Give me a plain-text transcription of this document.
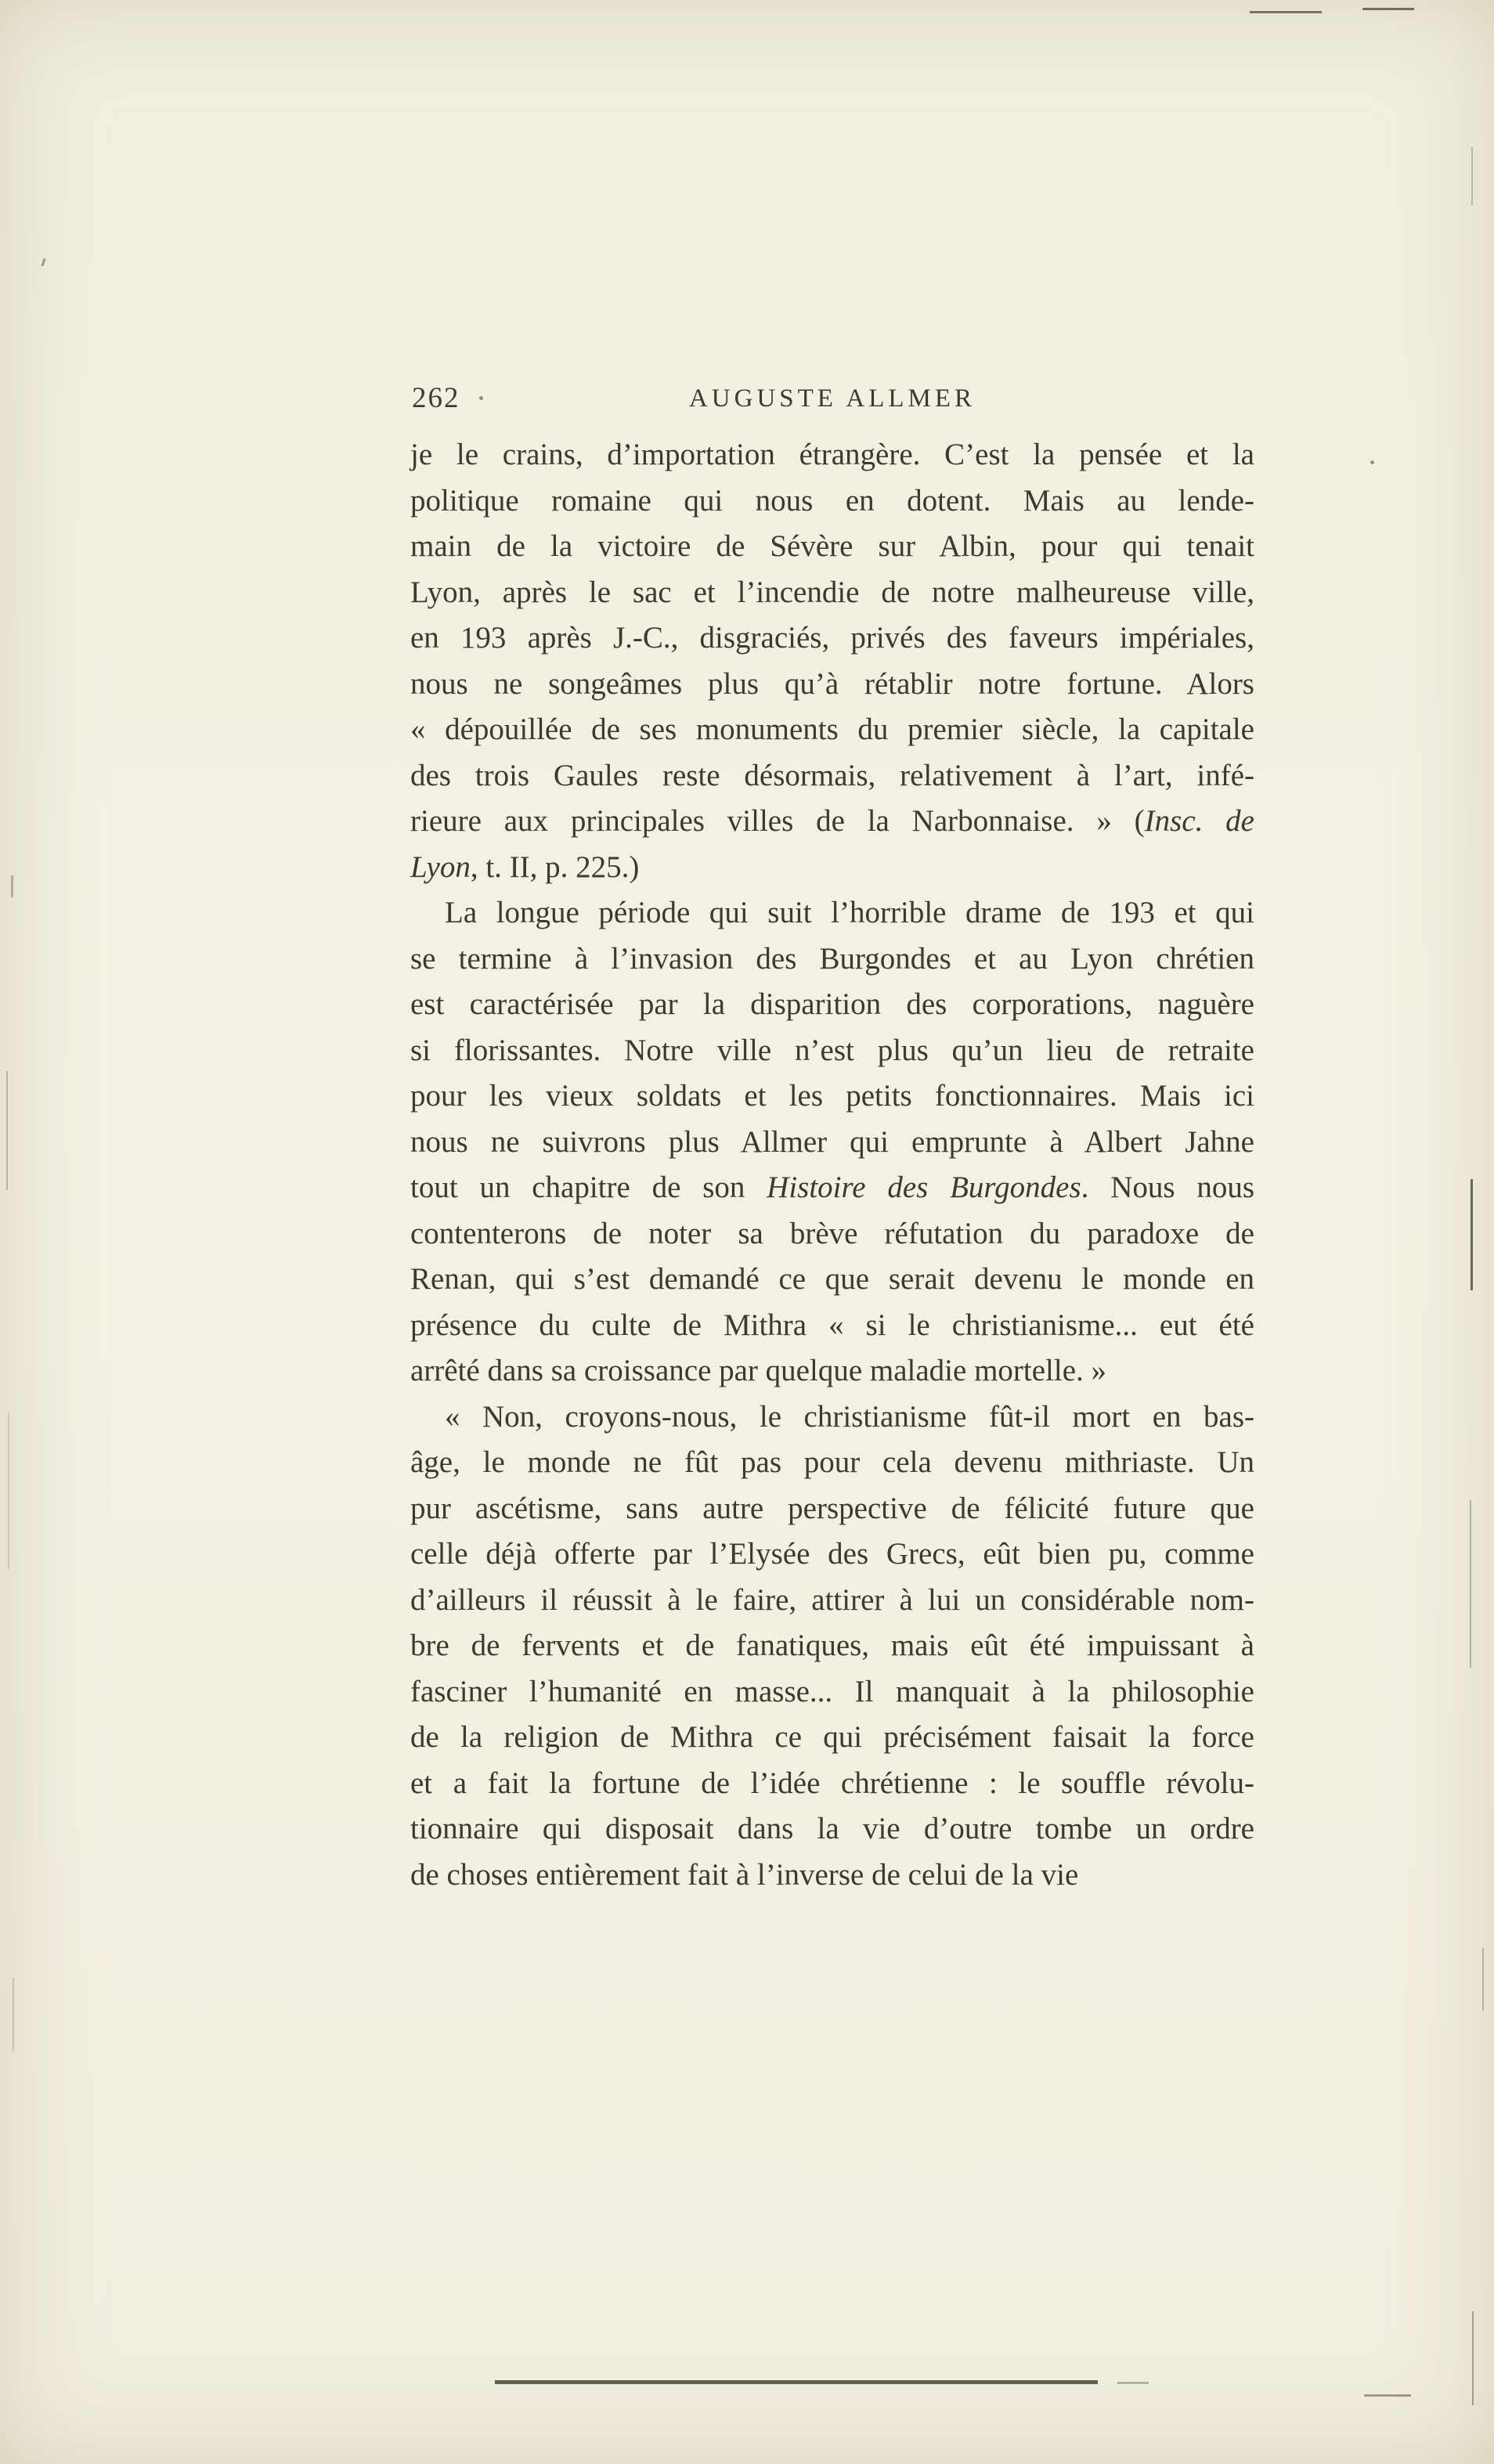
262	AUGUSTE ALLMER
je le crains, d’importation étrangère. C’est la pensée et la
politique romaine qui nous en dotent. Mais au lende-
main de la victoire de Sévère sur Albin, pour qui tenait
Lyon, après le sac et l’incendie de notre malheureuse ville,
en 193 après J.-C., disgraciés, privés des faveurs impériales,
nous ne songeâmes plus qu’à rétablir notre fortune. Alors
« dépouillée de ses monuments du premier siècle, la capitale
des trois Gaules reste désormais, relativement à l’art, infé-
rieure aux principales villes de la Narbonnaise. » (Insc. de
Lyon, t. II, p. 225.)
La longue période qui suit l’horrible drame de 193 et qui
se termine à l’invasion des Burgondes et au Lyon chrétien
est caractérisée par la disparition des corporations, naguère
si florissantes. Notre ville n’est plus qu’un lieu de retraite
pour les vieux soldats et les petits fonctionnaires. Mais ici
nous ne suivrons plus Allmer qui emprunte à Albert Jahne
tout un chapitre de son Histoire des Burgondes. Nous nous
contenterons de noter sa brève réfutation du paradoxe de
Renan, qui s’est demandé ce que serait devenu le monde en
présence du culte de Mithra « si le christianisme... eut été
arrêté dans sa croissance par quelque maladie mortelle. »
« Non, croyons-nous, le christianisme fût-il mort en bas-
âge, le monde ne fût pas pour cela devenu mithriaste. Un
pur ascétisme, sans autre perspective de félicité future que
celle déjà offerte par l’Elysée des Grecs, eût bien pu, comme
d’ailleurs il réussit à le faire, attirer à lui un considérable nom-
bre de fervents et de fanatiques, mais eût été impuissant à
fasciner l’humanité en masse... Il manquait à la philosophie
de la religion de Mithra ce qui précisément faisait la force
et a fait la fortune de l’idée chrétienne : le souffle révolu-
tionnaire qui disposait dans la vie d’outre tombe un ordre
de choses entièrement fait à l’inverse de celui de la vie
